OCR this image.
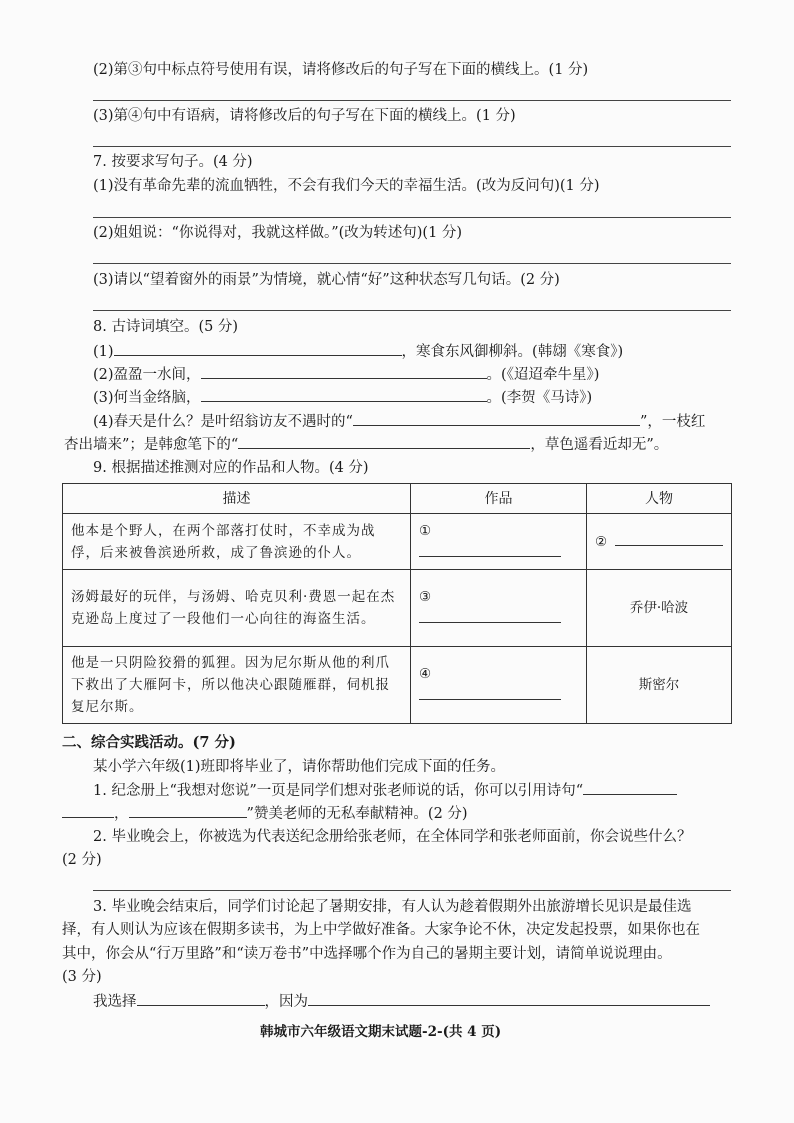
(2)第③句中标点符号使用有误，请将修改后的句子写在下面的横线上。(1 分)
(3)第④句中有语病，请将修改后的句子写在下面的横线上。(1 分)
7. 按要求写句子。(4 分)
(1)没有革命先辈的流血牺牲，不会有我们今天的幸福生活。(改为反问句)(1 分)
(2)姐姐说：“你说得对，我就这样做。”(改为转述句)(1 分)
(3)请以“望着窗外的雨景”为情境，就心情“好”这种状态写几句话。(2 分)
8. 古诗词填空。(5 分)
(1)	，寒食东风御柳斜。(韩翃《寒食》)
(2)盈盈一水间，	。(《迢迢牵牛星》)
(3)何当金络脑，	。(李贺《马诗》)
(4)春天是什么？是叶绍翁访友不遇时的“	”，一枝红
杏出墙来”；是韩愈笔下的“	，草色遥看近却无”。
9. 根据描述推测对应的作品和人物。(4 分)
描述	作品	人物
他本是个野人，在两个部落打仗时，不幸成为战俘，后来被鲁滨逊所救，成了鲁滨逊的仆人。	①	②
汤姆最好的玩伴，与汤姆、哈克贝利·费恩一起在杰克逊岛上度过了一段他们一心向往的海盗生活。	③	乔伊·哈波
他是一只阴险狡猾的狐狸。因为尼尔斯从他的利爪下救出了大雁阿卡，所以他决心跟随雁群，伺机报复尼尔斯。	④	斯密尔
二、综合实践活动。(7 分)
某小学六年级(1)班即将毕业了，请你帮助他们完成下面的任务。
1. 纪念册上“我想对您说”一页是同学们想对张老师说的话，你可以引用诗句“
，	”赞美老师的无私奉献精神。(2 分)
2. 毕业晚会上，你被选为代表送纪念册给张老师，在全体同学和张老师面前，你会说些什么？
(2 分)
3. 毕业晚会结束后，同学们讨论起了暑期安排，有人认为趁着假期外出旅游增长见识是最佳选
择，有人则认为应该在假期多读书，为上中学做好准备。大家争论不休，决定发起投票，如果你也在
其中，你会从“行万里路”和“读万卷书”中选择哪个作为自己的暑期主要计划，请简单说说理由。
(3 分)
我选择	，因为
韩城市六年级语文期末试题-2-(共 4 页)
